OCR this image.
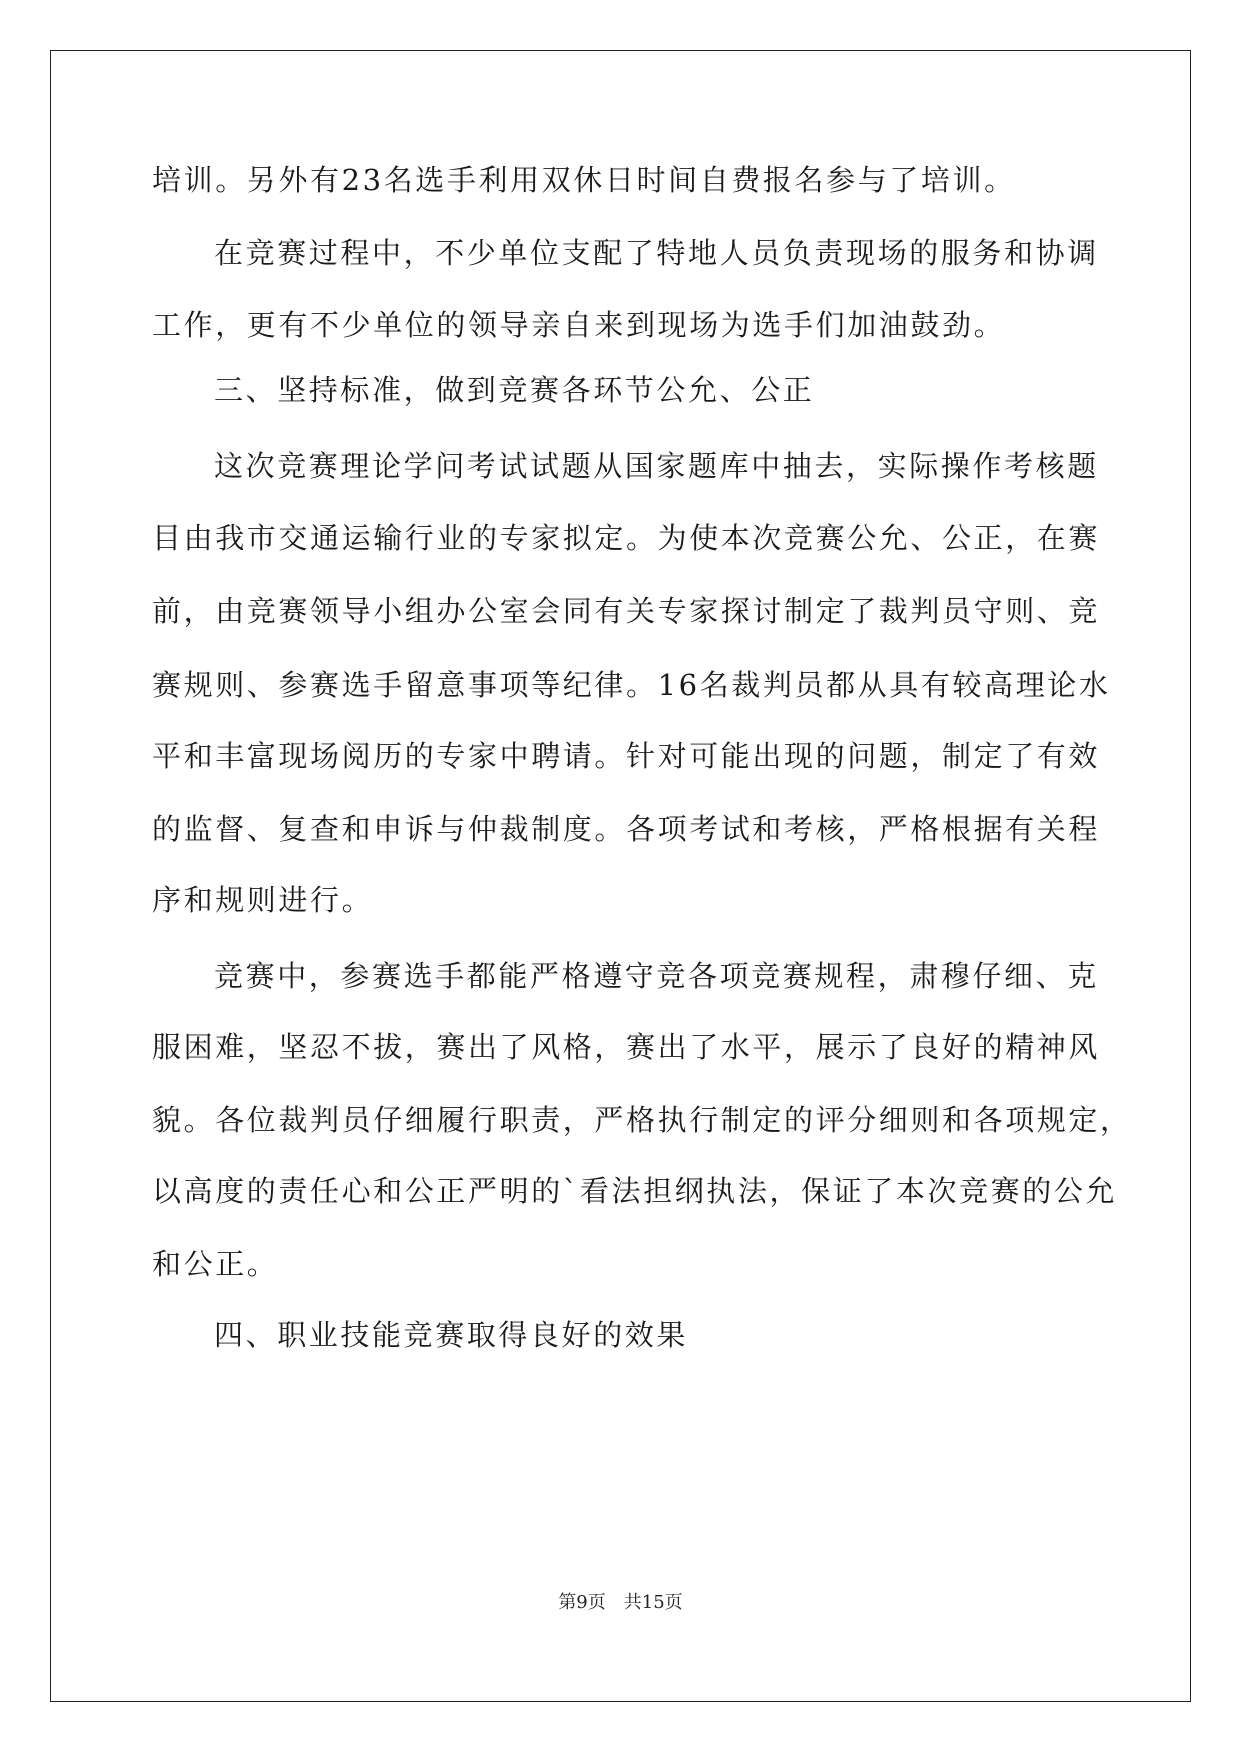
培训。另外有23名选手利用双休日时间自费报名参与了培训。
在竞赛过程中，不少单位支配了特地人员负责现场的服务和协调
工作，更有不少单位的领导亲自来到现场为选手们加油鼓劲。
三、坚持标准，做到竞赛各环节公允、公正
这次竞赛理论学问考试试题从国家题库中抽去，实际操作考核题
目由我市交通运输行业的专家拟定。为使本次竞赛公允、公正，在赛
前，由竞赛领导小组办公室会同有关专家探讨制定了裁判员守则、竞
赛规则、参赛选手留意事项等纪律。16名裁判员都从具有较高理论水
平和丰富现场阅历的专家中聘请。针对可能出现的问题，制定了有效
的监督、复查和申诉与仲裁制度。各项考试和考核，严格根据有关程
序和规则进行。
竞赛中，参赛选手都能严格遵守竞各项竞赛规程，肃穆仔细、克
服困难，坚忍不拔，赛出了风格，赛出了水平，展示了良好的精神风
貌。各位裁判员仔细履行职责，严格执行制定的评分细则和各项规定，
以高度的责任心和公正严明的`看法担纲执法，保证了本次竞赛的公允
和公正。
四、职业技能竞赛取得良好的效果
第9页 共15页
